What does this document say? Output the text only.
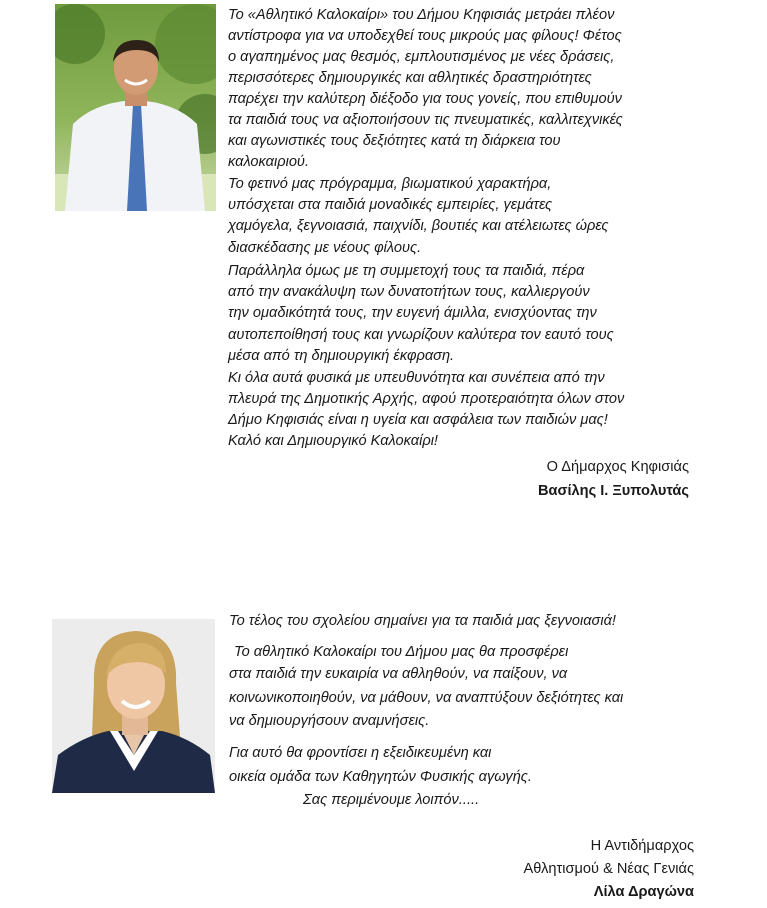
Το «Αθλητικό Καλοκαίρι» του Δήμου Κηφισιάς μετράει πλέον
αντίστροφα για να υποδεχθεί τους μικρούς μας φίλους! Φέτος
ο αγαπημένος μας θεσμός, εμπλουτισμένος με νέες δράσεις,
περισσότερες δημιουργικές και αθλητικές δραστηριότητες
παρέχει την καλύτερη διέξοδο για τους γονείς, που επιθυμούν
τα παιδιά τους να αξιοποιήσουν τις πνευματικές, καλλιτεχνικές
και αγωνιστικές τους δεξιότητες κατά τη διάρκεια του
καλοκαιριού.
Το φετινό μας πρόγραμμα, βιωματικού χαρακτήρα,
υπόσχεται στα παιδιά μοναδικές εμπειρίες, γεμάτες
χαμόγελα, ξεγνοιασιά, παιχνίδι, βουτιές και ατέλειωτες ώρες
διασκέδασης με νέους φίλους.
Παράλληλα όμως με τη συμμετοχή τους τα παιδιά, πέρα
από την ανακάλυψη των δυνατοτήτων τους, καλλιεργούν
την ομαδικότητά τους, την ευγενή άμιλλα, ενισχύοντας την
αυτοπεποίθησή τους και γνωρίζουν καλύτερα τον εαυτό τους
μέσα από τη δημιουργική έκφραση.
Κι όλα αυτά φυσικά με υπευθυνότητα και συνέπεια από την
πλευρά της Δημοτικής Αρχής, αφού προτεραιότητα όλων στον
Δήμο Κηφισιάς είναι η υγεία και ασφάλεια των παιδιών μας!
Καλό και Δημιουργικό Καλοκαίρι!
Ο Δήμαρχος Κηφισιάς
Βασίλης Ι. Ξυπολυτάς
Το τέλος του σχολείου σημαίνει για τα παιδιά μας ξεγνοιασιά!
Το αθλητικό Καλοκαίρι του Δήμου μας θα προσφέρει
στα παιδιά την ευκαιρία να αθληθούν, να παίξουν, να
κοινωνικοποιηθούν, να μάθουν, να αναπτύξουν δεξιότητες και
να δημιουργήσουν αναμνήσεις.
Για αυτό θα φροντίσει η εξειδικευμένη και
οικεία ομάδα των Καθηγητών Φυσικής αγωγής.
Σας περιμένουμε λοιπόν.....
Η Αντιδήμαρχος
Αθλητισμού & Νέας Γενιάς
Λίλα Δραγώνα
